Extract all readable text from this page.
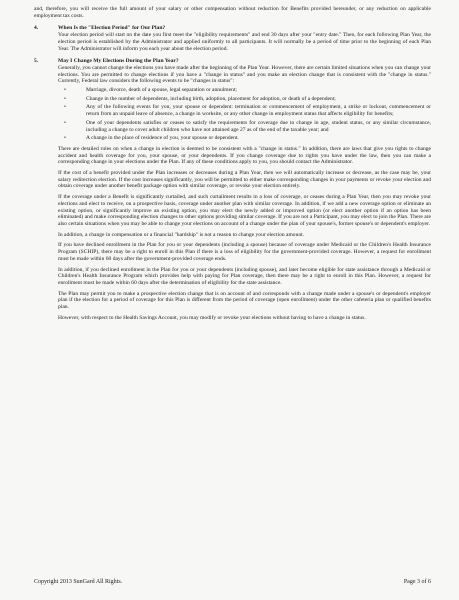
and, therefore, you will receive the full amount of your salary or other compensation without reduction for Benefits provided hereunder, or any reduction on applicable employment tax costs.

4.	When Is the "Election Period" for Our Plan?

Your election period will start on the date you first meet the "eligibility requirements" and end 30 days after your "entry date." Then, for each following Plan Year, the election period is established by the Administrator and applied uniformly to all participants. It will normally be a period of time prior to the beginning of each Plan Year. The Administrator will inform you each year about the election period.

5.	May I Change My Elections During the Plan Year?

Generally, you cannot change the elections you have made after the beginning of the Plan Year. However, there are certain limited situations when you can change your elections. You are permitted to change elections if you have a "change in status" and you make an election change that is consistent with the "change in status." Currently, Federal law considers the following events to be "changes in status":

•	Marriage, divorce, death of a spouse, legal separation or annulment;
•	Change in the number of dependents, including birth, adoption, placement for adoption, or death of a dependent;
•	Any of the following events for you, your spouse or dependent: termination or commencement of employment, a strike or lockout, commencement or return from an unpaid leave of absence, a change in worksite, or any other change in employment status that affects eligibility for benefits;
•	One of your dependents satisfies or ceases to satisfy the requirements for coverage due to change in age, student status, or any similar circumstance, including a change to cover adult children who have not attained age 27 as of the end of the taxable year; and
•	A change in the place of residence of you, your spouse or dependent.

There are detailed rules on when a change in election is deemed to be consistent with a "change in status." In addition, there are laws that give you rights to change accident and health coverage for you, your spouse, or your dependents. If you change coverage due to rights you have under the law, then you can make a corresponding change in your elections under the Plan. If any of these conditions apply to you, you should contact the Administrator.

If the cost of a benefit provided under the Plan increases or decreases during a Plan Year, then we will automatically increase or decrease, as the case may be, your salary redirection election. If the cost increases significantly, you will be permitted to either make corresponding changes in your payments or revoke your election and obtain coverage under another benefit package option with similar coverage, or revoke your election entirely.

If the coverage under a Benefit is significantly curtailed, and such curtailment results in a loss of coverage, or ceases during a Plan Year, then you may revoke your elections and elect to receive, on a prospective basis, coverage under another plan with similar coverage. In addition, if we add a new coverage option or eliminate an existing option, or significantly improve an existing option, you may elect the newly added or improved option (or elect another option if an option has been eliminated) and make corresponding election changes to other options providing similar coverage. If you are not a Participant, you may elect to join the Plan. There are also certain situations when you may be able to change your elections on account of a change under the plan of your spouse's, former spouse's or dependent's employer.

In addition, a change in compensation or a financial "hardship" is not a reason to change your election amount.

If you have declined enrollment in the Plan for you or your dependents (including a spouse) because of coverage under Medicaid or the Children's Health Insurance Program (SCHIP), there may be a right to enroll in this Plan if there is a loss of eligibility for the government-provided coverage. However, a request for enrollment must be made within 60 days after the government-provided coverage ends.

In addition, if you declined enrollment in the Plan for you or your dependents (including spouse), and later become eligible for state assistance through a Medicaid or Children's Health Insurance Program which provides help with paying for Plan coverage, then there may be a right to enroll in this Plan. However, a request for enrollment must be made within 60 days after the determination of eligibility for the state assistance.

The Plan may permit you to make a prospective election change that is on account of and corresponds with a change made under a spouse's or dependent's employer plan if the election for a period of coverage for this Plan is different from the period of coverage (open enrollment) under the other cafeteria plan or qualified benefits plan.

However, with respect to the Health Savings Account, you may modify or revoke your elections without having to have a change in status.

Copyright 2013 SunGard All Rights.	Page 3 of 6
